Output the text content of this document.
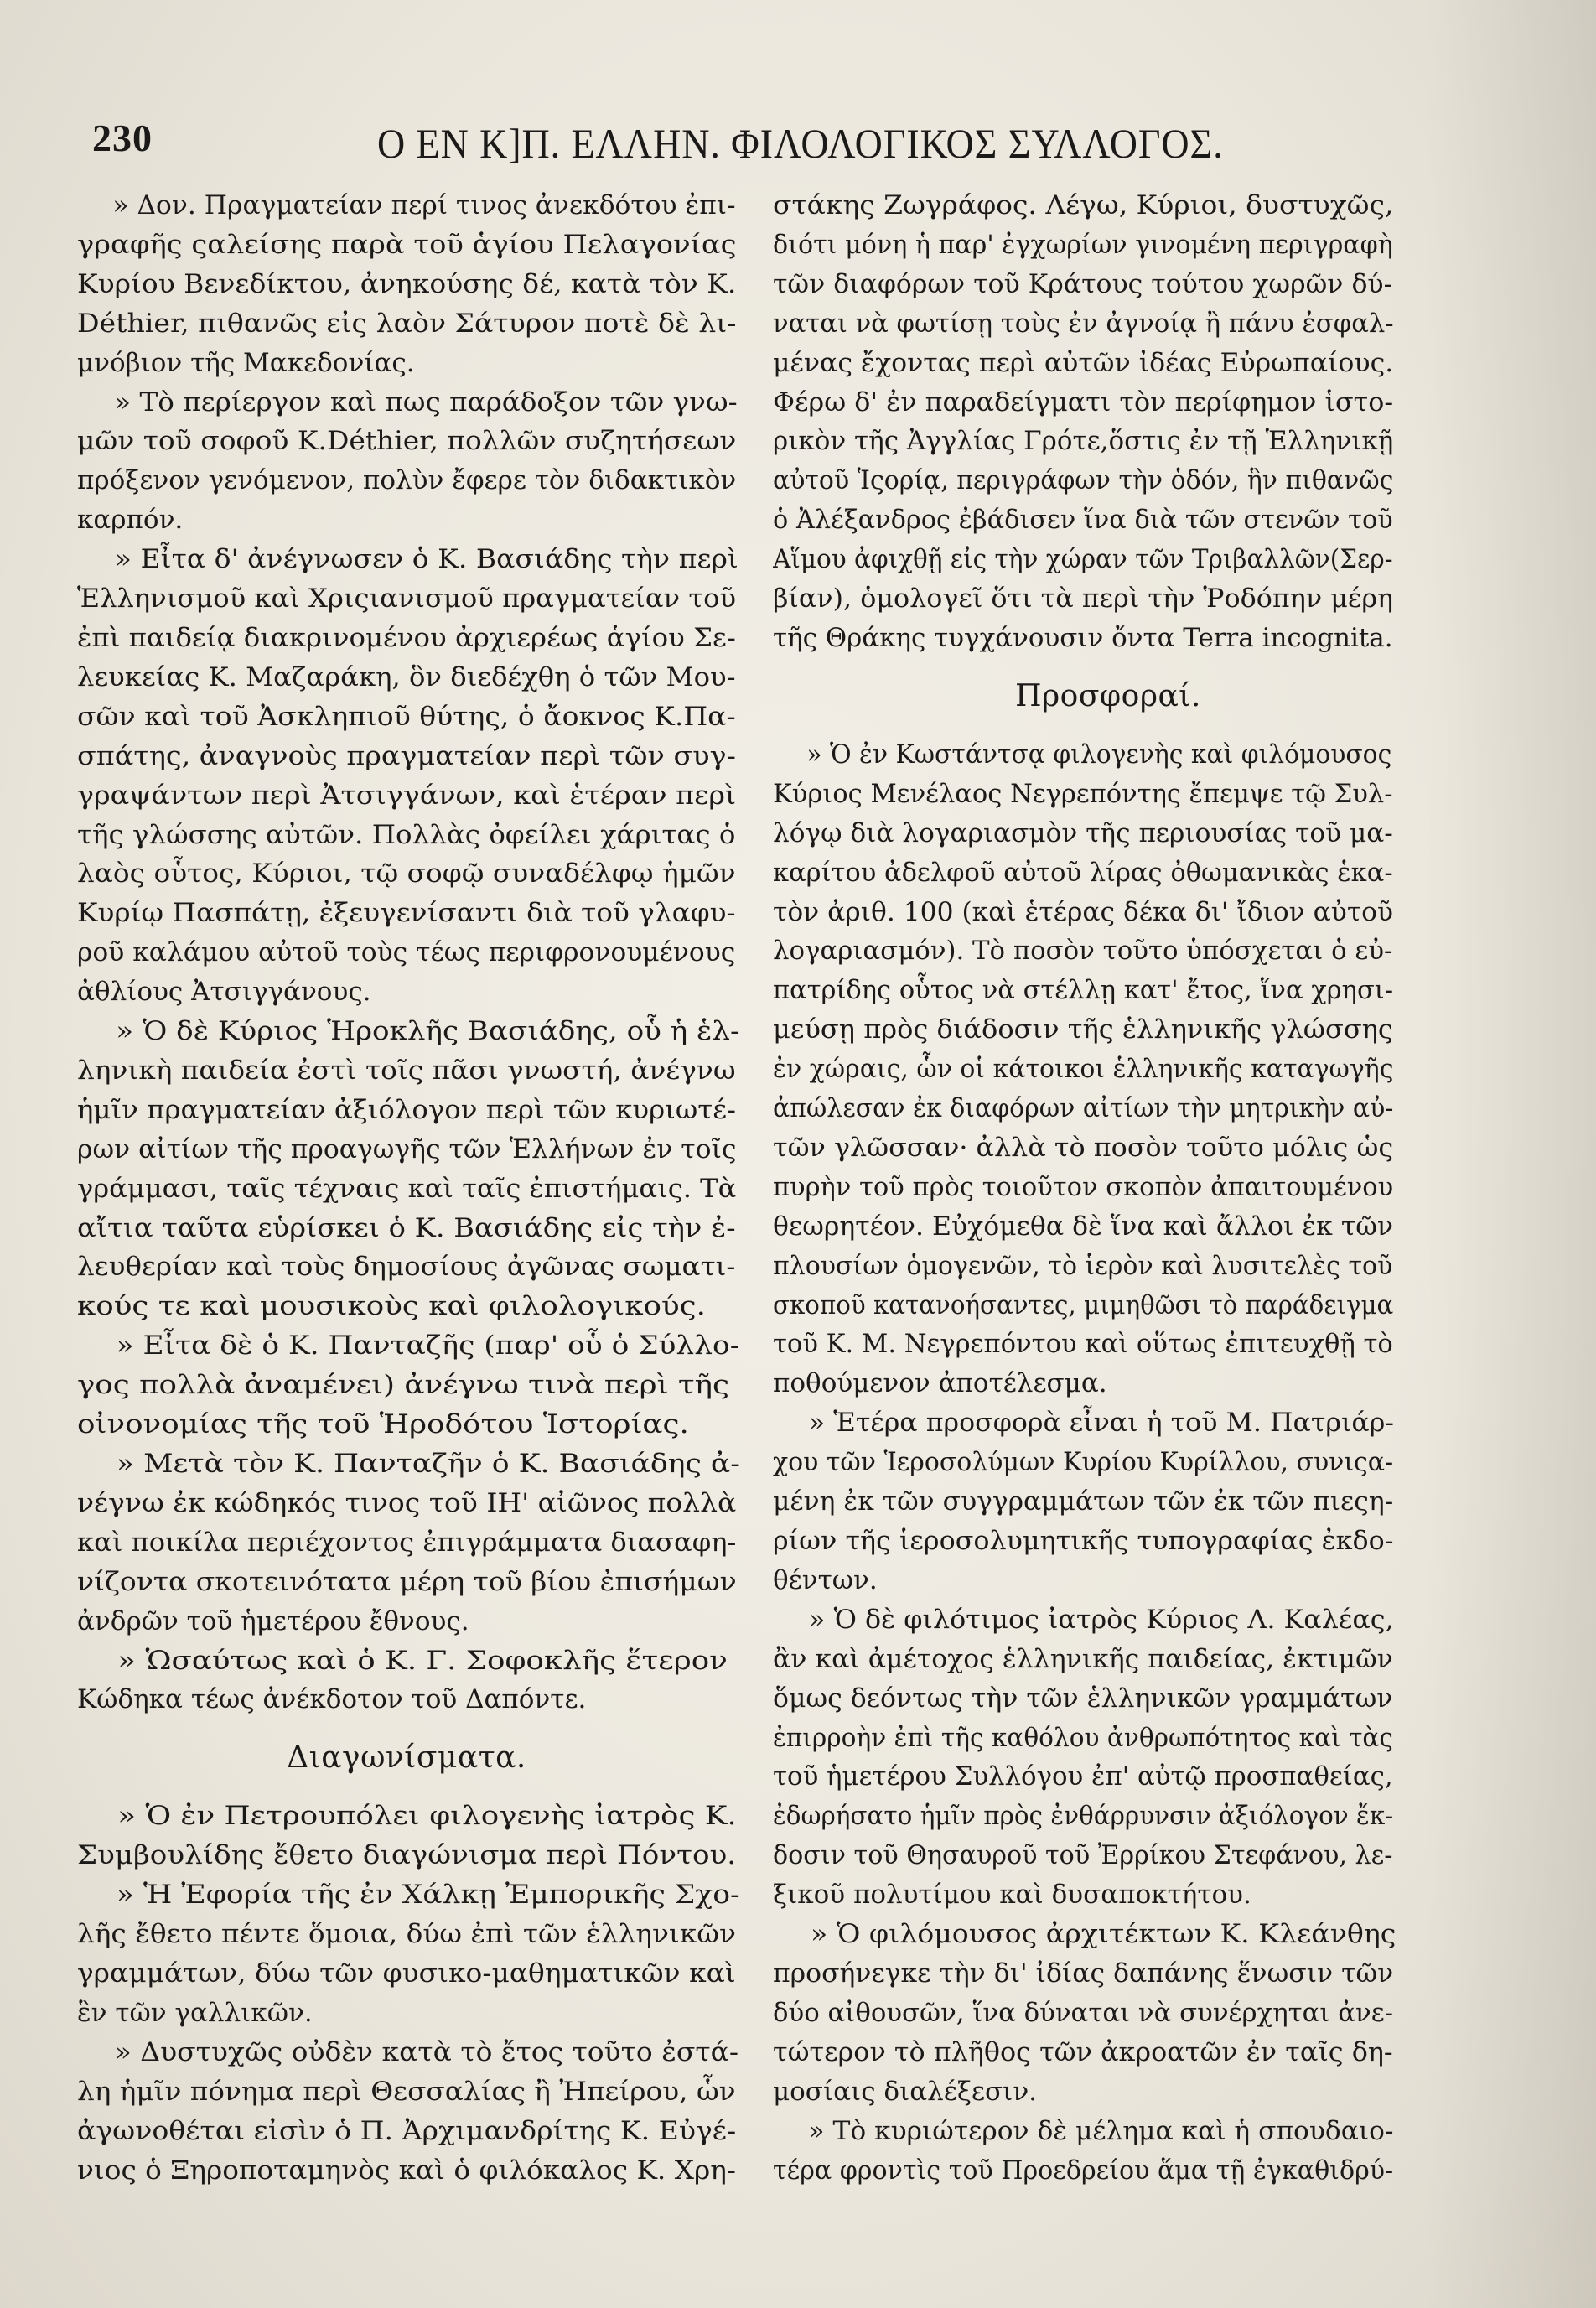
230	Ο ΕΝ Κ]Π. ΕΛΛΗΝ. ΦΙΛΟΛΟΓΙΚΟΣ ΣΥΛΛΟΓΟΣ.
» Δον. Πραγματείαν περί τινος ἀνεκδότου ἐπι-
γραφῆς ςαλείσης παρὰ τοῦ ἁγίου Πελαγονίας
Κυρίου Βενεδίκτου, ἀνηκούσης δέ, κατὰ τὸν Κ.
Déthier, πιθανῶς εἰς λαὸν Σάτυρον ποτὲ δὲ λι-
μνόβιον τῆς Μακεδονίας.
» Τὸ περίεργον καὶ πως παράδοξον τῶν γνω-
μῶν τοῦ σοφοῦ Κ.Déthier, πολλῶν συζητήσεων
πρόξενον γενόμενον, πολὺν ἔφερε τὸν διδακτικὸν
καρπόν.
» Εἶτα δ' ἀνέγνωσεν ὁ Κ. Βασιάδης τὴν περὶ
Ἑλληνισμοῦ καὶ Χριςιανισμοῦ πραγματείαν τοῦ
ἐπὶ παιδείᾳ διακρινομένου ἀρχιερέως ἁγίου Σε-
λευκείας Κ. Μαζαράκη, ὃν διεδέχθη ὁ τῶν Μου-
σῶν καὶ τοῦ Ἀσκληπιοῦ θύτης, ὁ ἄοκνος Κ.Πα-
σπάτης, ἀναγνοὺς πραγματείαν περὶ τῶν συγ-
γραψάντων περὶ Ἀτσιγγάνων, καὶ ἑτέραν περὶ
τῆς γλώσσης αὐτῶν. Πολλὰς ὀφείλει χάριτας ὁ
λαὸς οὗτος, Κύριοι, τῷ σοφῷ συναδέλφῳ ἡμῶν
Κυρίῳ Πασπάτῃ, ἐξευγενίσαντι διὰ τοῦ γλαφυ-
ροῦ καλάμου αὐτοῦ τοὺς τέως περιφρονουμένους
ἀθλίους Ἀτσιγγάνους.
» Ὁ δὲ Κύριος Ἡροκλῆς Βασιάδης, οὗ ἡ ἑλ-
ληνικὴ παιδεία ἐστὶ τοῖς πᾶσι γνωστή, ἀνέγνω
ἡμῖν πραγματείαν ἀξιόλογον περὶ τῶν κυριωτέ-
ρων αἰτίων τῆς προαγωγῆς τῶν Ἑλλήνων ἐν τοῖς
γράμμασι, ταῖς τέχναις καὶ ταῖς ἐπιστήμαις. Τὰ
αἴτια ταῦτα εὑρίσκει ὁ Κ. Βασιάδης εἰς τὴν ἐ-
λευθερίαν καὶ τοὺς δημοσίους ἀγῶνας σωματι-
κούς τε καὶ μουσικοὺς καὶ φιλολογικούς.
» Εἶτα δὲ ὁ Κ. Πανταζῆς (παρ' οὗ ὁ Σύλλο-
γος πολλὰ ἀναμένει) ἀνέγνω τινὰ περὶ τῆς
οἰνονομίας τῆς τοῦ Ἡροδότου Ἱστορίας.
» Μετὰ τὸν Κ. Πανταζῆν ὁ Κ. Βασιάδης ἀ-
νέγνω ἐκ κώδηκός τινος τοῦ ΙΗ' αἰῶνος πολλὰ
καὶ ποικίλα περιέχοντος ἐπιγράμματα διασαφη-
νίζοντα σκοτεινότατα μέρη τοῦ βίου ἐπισήμων
ἀνδρῶν τοῦ ἡμετέρου ἔθνους.
» Ὡσαύτως καὶ ὁ Κ. Γ. Σοφοκλῆς ἕτερον
Κώδηκα τέως ἀνέκδοτον τοῦ Δαπόντε.
Διαγωνίσματα.
» Ὁ ἐν Πετρουπόλει φιλογενὴς ἰατρὸς Κ.
Συμβουλίδης ἔθετο διαγώνισμα περὶ Πόντου.
» Ἡ Ἐφορία τῆς ἐν Χάλκῃ Ἐμπορικῆς Σχο-
λῆς ἔθετο πέντε ὅμοια, δύω ἐπὶ τῶν ἑλληνικῶν
γραμμάτων, δύω τῶν φυσικο-μαθηματικῶν καὶ
ἓν τῶν γαλλικῶν.
» Δυστυχῶς οὐδὲν κατὰ τὸ ἔτος τοῦτο ἐστά-
λη ἡμῖν πόνημα περὶ Θεσσαλίας ἢ Ἠπείρου, ὧν
ἀγωνοθέται εἰσὶν ὁ Π. Ἀρχιμανδρίτης Κ. Εὐγέ-
νιος ὁ Ξηροποταμηνὸς καὶ ὁ φιλόκαλος Κ. Χρη-
στάκης Ζωγράφος. Λέγω, Κύριοι, δυστυχῶς,
διότι μόνη ἡ παρ' ἐγχωρίων γινομένη περιγραφὴ
τῶν διαφόρων τοῦ Κράτους τούτου χωρῶν δύ-
ναται νὰ φωτίσῃ τοὺς ἐν ἀγνοίᾳ ἢ πάνυ ἐσφαλ-
μένας ἔχοντας περὶ αὐτῶν ἰδέας Εὐρωπαίους.
Φέρω δ' ἐν παραδείγματι τὸν περίφημον ἱστο-
ρικὸν τῆς Ἀγγλίας Γρότε,ὅστις ἐν τῇ Ἑλληνικῇ
αὐτοῦ Ἱςορίᾳ, περιγράφων τὴν ὁδόν, ἣν πιθανῶς
ὁ Ἀλέξανδρος ἐβάδισεν ἵνα διὰ τῶν στενῶν τοῦ
Αἵμου ἀφιχθῇ εἰς τὴν χώραν τῶν Τριβαλλῶν(Σερ-
βίαν), ὁμολογεῖ ὅτι τὰ περὶ τὴν Ῥοδόπην μέρη
τῆς Θράκης τυγχάνουσιν ὄντα Terra incognita.
Προσφοραί.
» Ὁ ἐν Κωστάντσᾳ φιλογενὴς καὶ φιλόμουσος
Κύριος Μενέλαος Νεγρεπόντης ἔπεμψε τῷ Συλ-
λόγῳ διὰ λογαριασμὸν τῆς περιουσίας τοῦ μα-
καρίτου ἀδελφοῦ αὐτοῦ λίρας ὀθωμανικὰς ἑκα-
τὸν ἀριθ. 100 (καὶ ἑτέρας δέκα δι' ἴδιον αὐτοῦ
λογαριασμόν). Τὸ ποσὸν τοῦτο ὑπόσχεται ὁ εὐ-
πατρίδης οὗτος νὰ στέλλῃ κατ' ἔτος, ἵνα χρησι-
μεύσῃ πρὸς διάδοσιν τῆς ἑλληνικῆς γλώσσης
ἐν χώραις, ὧν οἱ κάτοικοι ἑλληνικῆς καταγωγῆς
ἀπώλεσαν ἐκ διαφόρων αἰτίων τὴν μητρικὴν αὐ-
τῶν γλῶσσαν· ἀλλὰ τὸ ποσὸν τοῦτο μόλις ὡς
πυρὴν τοῦ πρὸς τοιοῦτον σκοπὸν ἀπαιτουμένου
θεωρητέον. Εὐχόμεθα δὲ ἵνα καὶ ἄλλοι ἐκ τῶν
πλουσίων ὁμογενῶν, τὸ ἱερὸν καὶ λυσιτελὲς τοῦ
σκοποῦ κατανοήσαντες, μιμηθῶσι τὸ παράδειγμα
τοῦ Κ. Μ. Νεγρεπόντου καὶ οὕτως ἐπιτευχθῇ τὸ
ποθούμενον ἀποτέλεσμα.
» Ἑτέρα προσφορὰ εἶναι ἡ τοῦ Μ. Πατριάρ-
χου τῶν Ἱεροσολύμων Κυρίου Κυρίλλου, συνιςα-
μένη ἐκ τῶν συγγραμμάτων τῶν ἐκ τῶν πιεςη-
ρίων τῆς ἱεροσολυμητικῆς τυπογραφίας ἐκδο-
θέντων.
» Ὁ δὲ φιλότιμος ἰατρὸς Κύριος Λ. Καλέας,
ἂν καὶ ἀμέτοχος ἑλληνικῆς παιδείας, ἐκτιμῶν
ὅμως δεόντως τὴν τῶν ἑλληνικῶν γραμμάτων
ἐπιρροὴν ἐπὶ τῆς καθόλου ἀνθρωπότητος καὶ τὰς
τοῦ ἡμετέρου Συλλόγου ἐπ' αὐτῷ προσπαθείας,
ἐδωρήσατο ἡμῖν πρὸς ἐνθάρρυνσιν ἀξιόλογον ἔκ-
δοσιν τοῦ Θησαυροῦ τοῦ Ἐρρίκου Στεφάνου, λε-
ξικοῦ πολυτίμου καὶ δυσαποκτήτου.
» Ὁ φιλόμουσος ἀρχιτέκτων Κ. Κλεάνθης
προσήνεγκε τὴν δι' ἰδίας δαπάνης ἕνωσιν τῶν
δύο αἰθουσῶν, ἵνα δύναται νὰ συνέρχηται ἀνε-
τώτερον τὸ πλῆθος τῶν ἀκροατῶν ἐν ταῖς δη-
μοσίαις διαλέξεσιν.
» Τὸ κυριώτερον δὲ μέλημα καὶ ἡ σπουδαιο-
τέρα φροντὶς τοῦ Προεδρείου ἅμα τῇ ἐγκαθιδρύ-
